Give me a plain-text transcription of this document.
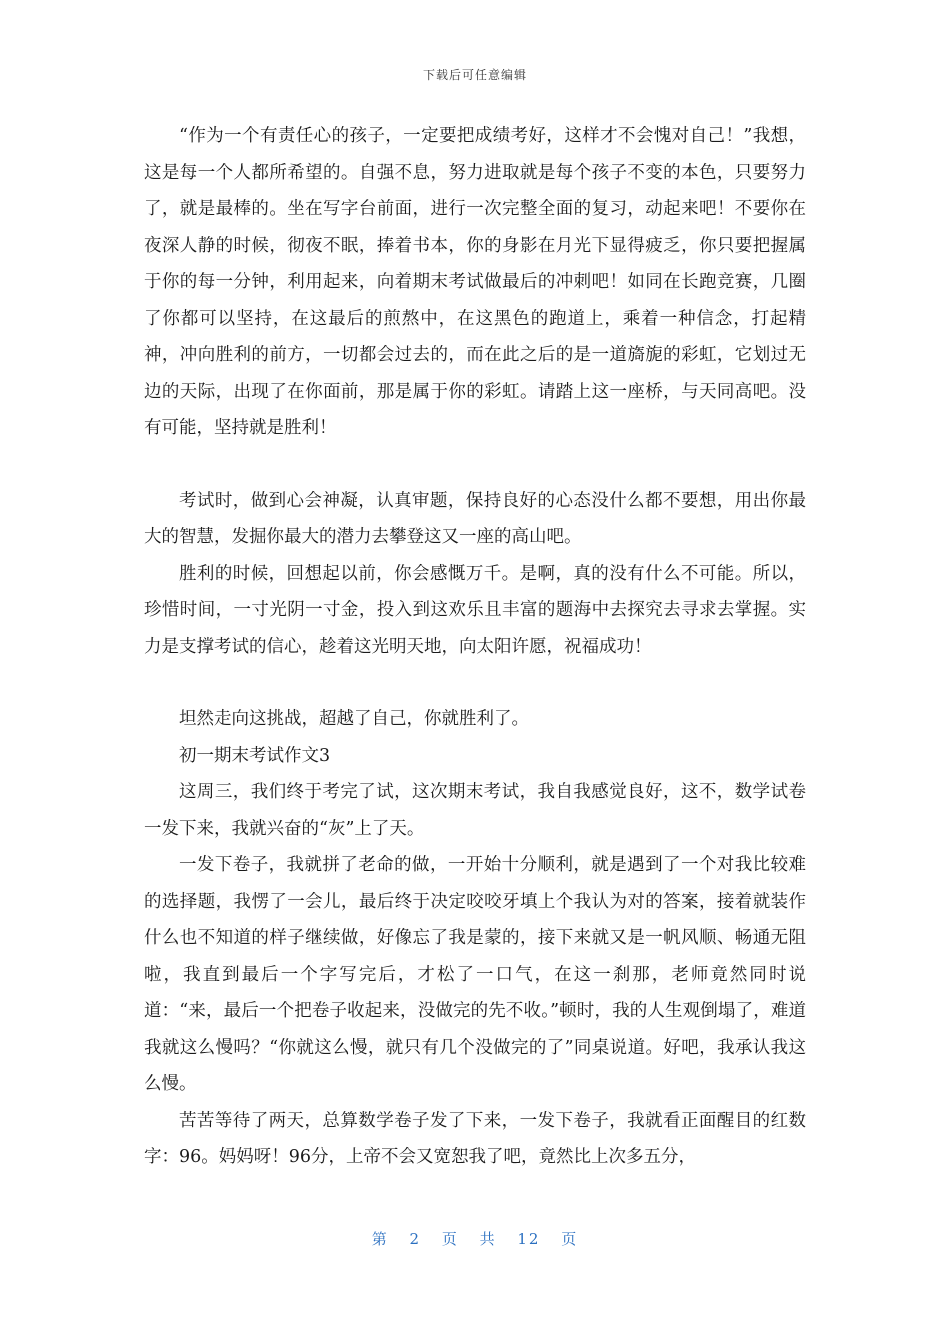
下载后可任意编辑

“作为一个有责任心的孩子，一定要把成绩考好，这样才不会愧对自己！”我想，这是每一个人都所希望的。自强不息，努力进取就是每个孩子不变的本色，只要努力了，就是最棒的。坐在写字台前面，进行一次完整全面的复习，动起来吧！不要你在夜深人静的时候，彻夜不眠，捧着书本，你的身影在月光下显得疲乏，你只要把握属于你的每一分钟，利用起来，向着期末考试做最后的冲刺吧！如同在长跑竞赛，几圈了你都可以坚持，在这最后的煎熬中，在这黑色的跑道上，乘着一种信念，打起精神，冲向胜利的前方，一切都会过去的，而在此之后的是一道旖旎的彩虹，它划过无边的天际，出现了在你面前，那是属于你的彩虹。请踏上这一座桥，与天同高吧。没有可能，坚持就是胜利！

考试时，做到心会神凝，认真审题，保持良好的心态没什么都不要想，用出你最大的智慧，发掘你最大的潜力去攀登这又一座的高山吧。

胜利的时候，回想起以前，你会感慨万千。是啊，真的没有什么不可能。所以，珍惜时间，一寸光阴一寸金，投入到这欢乐且丰富的题海中去探究去寻求去掌握。实力是支撑考试的信心，趁着这光明天地，向太阳许愿，祝福成功！

坦然走向这挑战，超越了自己，你就胜利了。

初一期末考试作文3

这周三，我们终于考完了试，这次期末考试，我自我感觉良好，这不，数学试卷一发下来，我就兴奋的“灰”上了天。

一发下卷子，我就拼了老命的做，一开始十分顺利，就是遇到了一个对我比较难的选择题，我愣了一会儿，最后终于决定咬咬牙填上个我认为对的答案，接着就装作什么也不知道的样子继续做，好像忘了我是蒙的，接下来就又是一帆风顺、畅通无阻啦，我直到最后一个字写完后，才松了一口气，在这一刹那，老师竟然同时说道：“来，最后一个把卷子收起来，没做完的先不收。”顿时，我的人生观倒塌了，难道我就这么慢吗？“你就这么慢，就只有几个没做完的了”同桌说道。好吧，我承认我这么慢。

苦苦等待了两天，总算数学卷子发了下来，一发下卷子，我就看正面醒目的红数字：96。妈妈呀！96分，上帝不会又宽恕我了吧，竟然比上次多五分，

第 2 页 共 12 页
